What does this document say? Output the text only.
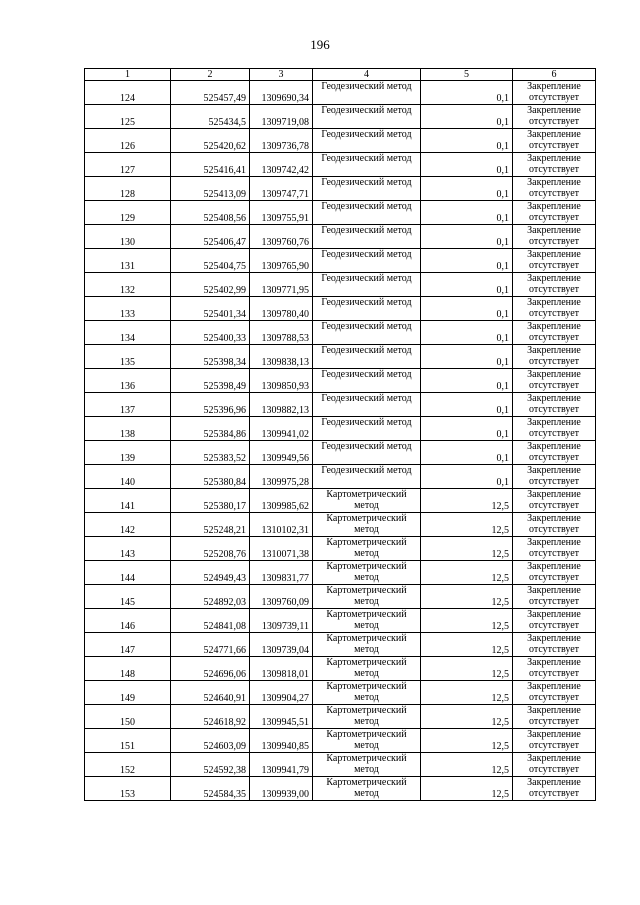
196
1	2	3	4	5	6
124	525457,49	1309690,34	Геодезический метод	0,1	Закрепление отсутствует
125	525434,5	1309719,08	Геодезический метод	0,1	Закрепление отсутствует
126	525420,62	1309736,78	Геодезический метод	0,1	Закрепление отсутствует
127	525416,41	1309742,42	Геодезический метод	0,1	Закрепление отсутствует
128	525413,09	1309747,71	Геодезический метод	0,1	Закрепление отсутствует
129	525408,56	1309755,91	Геодезический метод	0,1	Закрепление отсутствует
130	525406,47	1309760,76	Геодезический метод	0,1	Закрепление отсутствует
131	525404,75	1309765,90	Геодезический метод	0,1	Закрепление отсутствует
132	525402,99	1309771,95	Геодезический метод	0,1	Закрепление отсутствует
133	525401,34	1309780,40	Геодезический метод	0,1	Закрепление отсутствует
134	525400,33	1309788,53	Геодезический метод	0,1	Закрепление отсутствует
135	525398,34	1309838,13	Геодезический метод	0,1	Закрепление отсутствует
136	525398,49	1309850,93	Геодезический метод	0,1	Закрепление отсутствует
137	525396,96	1309882,13	Геодезический метод	0,1	Закрепление отсутствует
138	525384,86	1309941,02	Геодезический метод	0,1	Закрепление отсутствует
139	525383,52	1309949,56	Геодезический метод	0,1	Закрепление отсутствует
140	525380,84	1309975,28	Геодезический метод	0,1	Закрепление отсутствует
141	525380,17	1309985,62	Картометрический метод	12,5	Закрепление отсутствует
142	525248,21	1310102,31	Картометрический метод	12,5	Закрепление отсутствует
143	525208,76	1310071,38	Картометрический метод	12,5	Закрепление отсутствует
144	524949,43	1309831,77	Картометрический метод	12,5	Закрепление отсутствует
145	524892,03	1309760,09	Картометрический метод	12,5	Закрепление отсутствует
146	524841,08	1309739,11	Картометрический метод	12,5	Закрепление отсутствует
147	524771,66	1309739,04	Картометрический метод	12,5	Закрепление отсутствует
148	524696,06	1309818,01	Картометрический метод	12,5	Закрепление отсутствует
149	524640,91	1309904,27	Картометрический метод	12,5	Закрепление отсутствует
150	524618,92	1309945,51	Картометрический метод	12,5	Закрепление отсутствует
151	524603,09	1309940,85	Картометрический метод	12,5	Закрепление отсутствует
152	524592,38	1309941,79	Картометрический метод	12,5	Закрепление отсутствует
153	524584,35	1309939,00	Картометрический метод	12,5	Закрепление отсутствует
